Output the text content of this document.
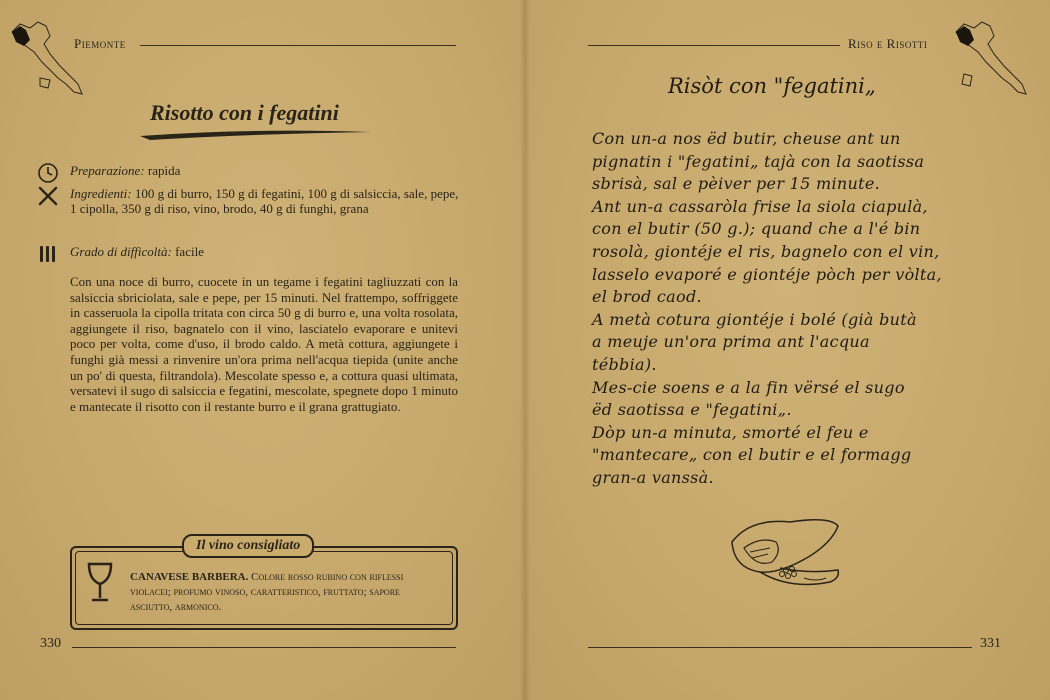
Piemonte
Risotto con i fegatini
Preparazione: rapida
Ingredienti: 100 g di burro, 150 g di fegatini, 100 g di salsiccia, sale, pepe, 1 cipolla, 350 g di riso, vino, brodo, 40 g di funghi, grana
Grado di difficoltà: facile

Con una noce di burro, cuocete in un tegame i fegatini tagliuzzati con la salsiccia sbriciolata, sale e pepe, per 15 minuti. Nel frattempo, soffriggete in casseruola la cipolla tritata con circa 50 g di burro e, una volta rosolata, aggiungete il riso, bagnatelo con il vino, lasciatelo evaporare e unitevi poco per volta, come d'uso, il brodo caldo. A metà cottura, aggiungete i funghi già messi a rinvenire un'ora prima nell'acqua tiepida (unite anche un po' di questa, filtrandola). Mescolate spesso e, a cottura quasi ultimata, versatevi il sugo di salsiccia e fegatini, mescolate, spegnete dopo 1 minuto e mantecate il risotto con il restante burro e il grana grattugiato.

Il vino consigliato
CANAVESE BARBERA. Colore rosso rubino con riflessi violacei; profumo vinoso, caratteristico, fruttato; sapore asciutto, armonico.
330
Riso e Risotti
Risòt con "fegatini„
Con un-a nos ëd butir, cheuse ant un
pignatin i "fegatini„ tajà con la saotissa
sbrisà, sal e pèiver per 15 minute.
Ant un-a cassaròla frise la siola ciapulà,
con el butir (50 g.); quand che a l'é bin
rosolà, giontéje el ris, bagnelo con el vin,
lasselo evaporé e giontéje pòch per vòlta,
el brod caod.
A metà cotura giontéje i bolé (già butà
a meuje un'ora prima ant l'acqua
tébbia).
Mes-cie soens e a la fin vërsé el sugo
ëd saotissa e "fegatini„.
Dòp un-a minuta, smorté el feu e
"mantecare„ con el butir e el formagg
gran-a vanssà.
331
